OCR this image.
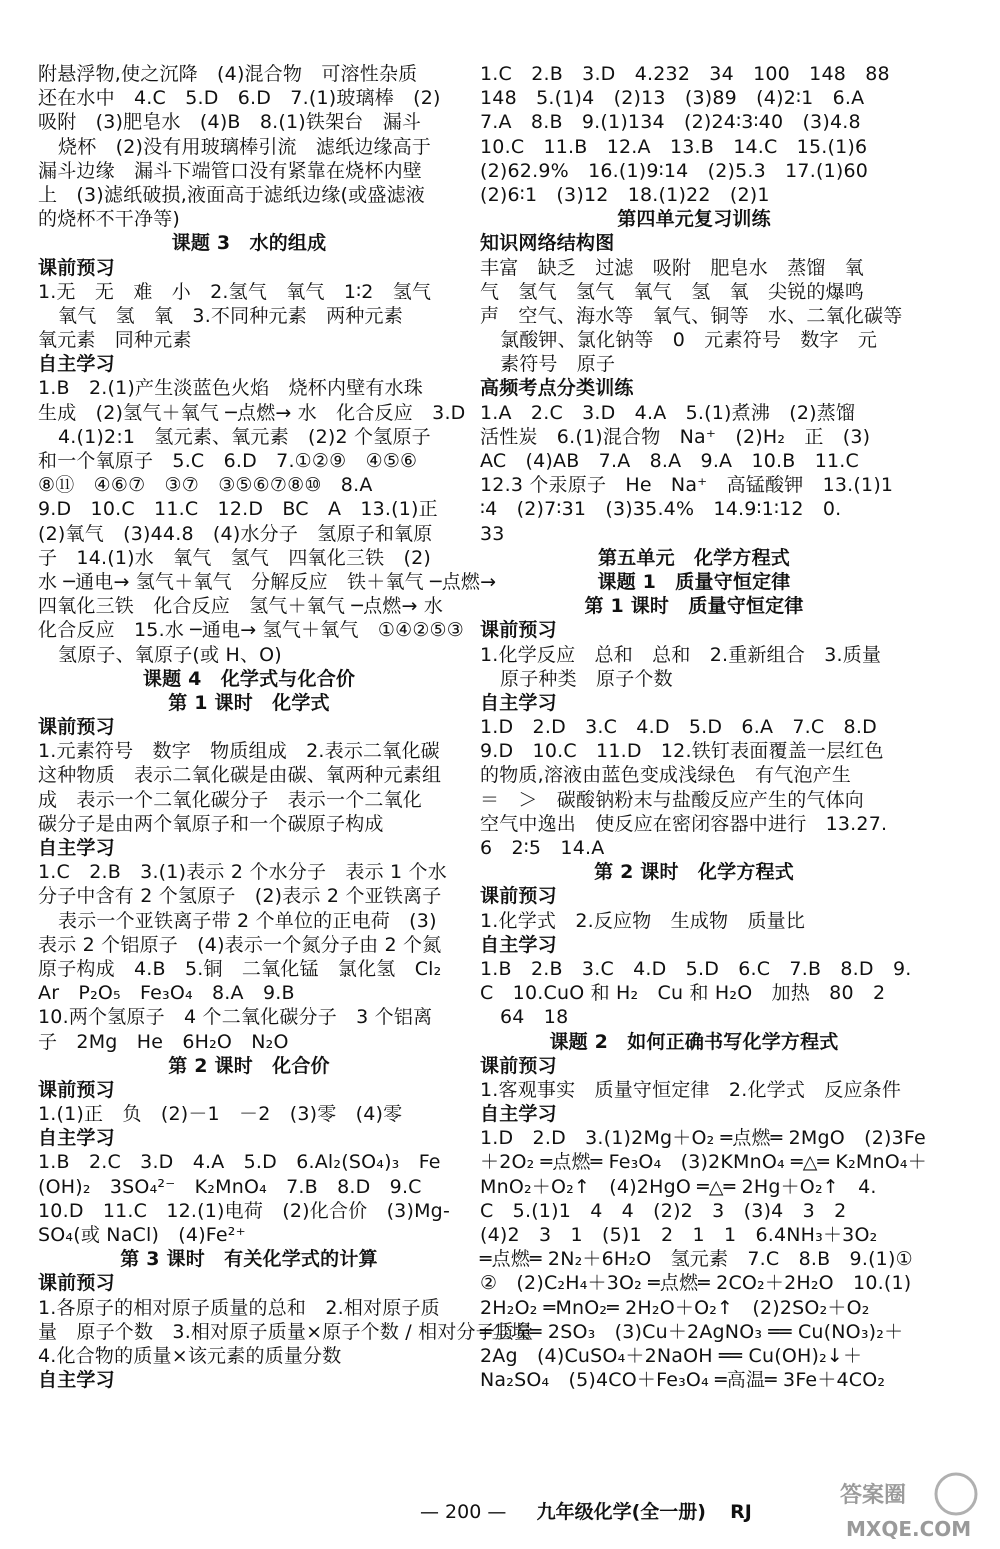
附悬浮物,使之沉降　(4)混合物　可溶性杂质
还在水中　4.C　5.D　6.D　7.(1)玻璃棒　(2)
吸附　(3)肥皂水　(4)B　8.(1)铁架台　漏斗
烧杯　(2)没有用玻璃棒引流　滤纸边缘高于
漏斗边缘　漏斗下端管口没有紧靠在烧杯内壁
上　(3)滤纸破损,液面高于滤纸边缘(或盛滤液
的烧杯不干净等)
课题 3　水的组成
课前预习
1.无　无　难　小　2.氢气　氧气　1∶2　氢气
氧气　氢　氧　3.不同种元素　两种元素
氧元素　同种元素
自主学习
1.B　2.(1)产生淡蓝色火焰　烧杯内壁有水珠
生成　(2)氢气＋氧气 ─点燃→ 水　化合反应　3.D
4.(1)2:1　氢元素、氧元素　(2)2 个氢原子
和一个氧原子　5.C　6.D　7.①②⑨　④⑤⑥
⑧⑪　④⑥⑦　③⑦　③⑤⑥⑦⑧⑩　8.A
9.D　10.C　11.C　12.D　BC　A　13.(1)正
(2)氧气　(3)44.8　(4)水分子　氢原子和氧原
子　14.(1)水　氧气　氢气　四氧化三铁　(2)
水 ─通电→ 氢气＋氧气　分解反应　铁＋氧气 ─点燃→
四氧化三铁　化合反应　氢气＋氧气 ─点燃→ 水
化合反应　15.水 ─通电→ 氢气＋氧气　①④②⑤③
氢原子、氧原子(或 H、O)
课题 4　化学式与化合价
第 1 课时　化学式
课前预习
1.元素符号　数字　物质组成　2.表示二氧化碳
这种物质　表示二氧化碳是由碳、氧两种元素组
成　表示一个二氧化碳分子　表示一个二氧化
碳分子是由两个氧原子和一个碳原子构成
自主学习
1.C　2.B　3.(1)表示 2 个水分子　表示 1 个水
分子中含有 2 个氢原子　(2)表示 2 个亚铁离子
表示一个亚铁离子带 2 个单位的正电荷　(3)
表示 2 个铝原子　(4)表示一个氮分子由 2 个氮
原子构成　4.B　5.铜　二氧化锰　氯化氢　Cl₂
Ar　P₂O₅　Fe₃O₄　8.A　9.B
10.两个氢原子　4 个二氧化碳分子　3 个铝离
子　2Mg　He　6H₂O　N₂O
第 2 课时　化合价
课前预习
1.(1)正　负　(2)－1　－2　(3)零　(4)零
自主学习
1.B　2.C　3.D　4.A　5.D　6.Al₂(SO₄)₃　Fe
(OH)₂　3SO₄²⁻　K₂MnO₄　7.B　8.D　9.C
10.D　11.C　12.(1)电荷　(2)化合价　(3)Mg-
SO₄(或 NaCl)　(4)Fe²⁺
第 3 课时　有关化学式的计算
课前预习
1.各原子的相对原子质量的总和　2.相对原子质
量　原子个数　3.相对原子质量×原子个数 / 相对分子质量
4.化合物的质量×该元素的质量分数
自主学习
1.C　2.B　3.D　4.232　34　100　148　88
148　5.(1)4　(2)13　(3)89　(4)2∶1　6.A
7.A　8.B　9.(1)134　(2)24∶3∶40　(3)4.8
10.C　11.B　12.A　13.B　14.C　15.(1)6
(2)62.9%　16.(1)9∶14　(2)5.3　17.(1)60
(2)6∶1　(3)12　18.(1)22　(2)1
第四单元复习训练
知识网络结构图
丰富　缺乏　过滤　吸附　肥皂水　蒸馏　氧
气　氢气　氢气　氧气　氢　氧　尖锐的爆鸣
声　空气、海水等　氧气、铜等　水、二氧化碳等
氯酸钾、氯化钠等　0　元素符号　数字　元
素符号　原子
高频考点分类训练
1.A　2.C　3.D　4.A　5.(1)煮沸　(2)蒸馏
活性炭　6.(1)混合物　Na⁺　(2)H₂　正　(3)
AC　(4)AB　7.A　8.A　9.A　10.B　11.C
12.3 个汞原子　He　Na⁺　高锰酸钾　13.(1)1
∶4　(2)7∶31　(3)35.4%　14.9∶1∶12　0.
33
第五单元　化学方程式
课题 1　质量守恒定律
第 1 课时　质量守恒定律
课前预习
1.化学反应　总和　总和　2.重新组合　3.质量
原子种类　原子个数
自主学习
1.D　2.D　3.C　4.D　5.D　6.A　7.C　8.D
9.D　10.C　11.D　12.铁钉表面覆盖一层红色
的物质,溶液由蓝色变成浅绿色　有气泡产生
＝　＞　碳酸钠粉末与盐酸反应产生的气体向
空气中逸出　使反应在密闭容器中进行　13.27.
6　2∶5　14.A
第 2 课时　化学方程式
课前预习
1.化学式　2.反应物　生成物　质量比
自主学习
1.B　2.B　3.C　4.D　5.D　6.C　7.B　8.D　9.
C　10.CuO 和 H₂　Cu 和 H₂O　加热　80　2
64　18
课题 2　如何正确书写化学方程式
课前预习
1.客观事实　质量守恒定律　2.化学式　反应条件
自主学习
1.D　2.D　3.(1)2Mg＋O₂ ═点燃═ 2MgO　(2)3Fe
＋2O₂ ═点燃═ Fe₃O₄　(3)2KMnO₄ ═△═ K₂MnO₄＋
MnO₂＋O₂↑　(4)2HgO ═△═ 2Hg＋O₂↑　4.
C　5.(1)1　4　4　(2)2　3　(3)4　3　2
(4)2　3　1　(5)1　2　1　1　6.4NH₃＋3O₂
═点燃═ 2N₂＋6H₂O　氢元素　7.C　8.B　9.(1)①
②　(2)C₂H₄＋3O₂ ═点燃═ 2CO₂＋2H₂O　10.(1)
2H₂O₂ ═MnO₂═ 2H₂O＋O₂↑　(2)2SO₂＋O₂
═尘埃═ 2SO₃　(3)Cu＋2AgNO₃ ══ Cu(NO₃)₂＋
2Ag　(4)CuSO₄＋2NaOH ══ Cu(OH)₂↓＋
Na₂SO₄　(5)4CO＋Fe₃O₄ ═高温═ 3Fe＋4CO₂
— 200 — 九年级化学(全一册) RJ
答案圈
MXQE.COM
